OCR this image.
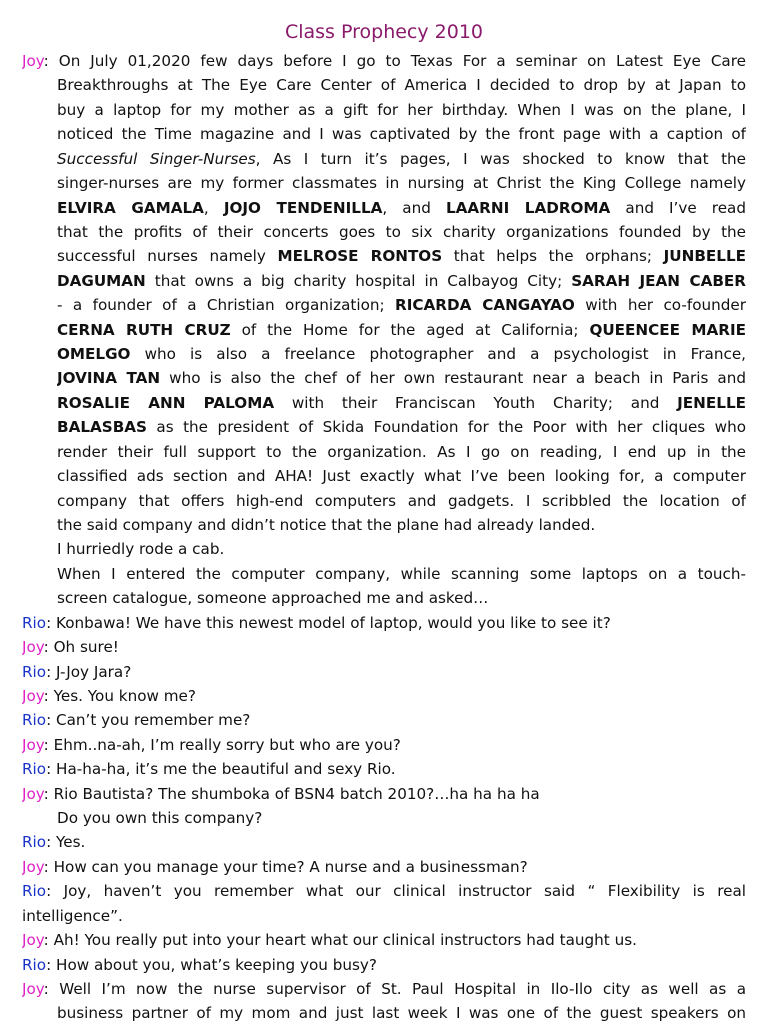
Class Prophecy 2010
Joy: On July 01,2020 few days before I go to Texas For a seminar on Latest Eye Care
Breakthroughs at The Eye Care Center of America I decided to drop by at Japan to
buy a laptop for my mother as a gift for her birthday. When I was on the plane, I
noticed the Time magazine and I was captivated by the front page with a caption of
Successful Singer-Nurses, As I turn it’s pages, I was shocked to know that the
singer-nurses are my former classmates in nursing at Christ the King College namely
ELVIRA GAMALA, JOJO TENDENILLA, and LAARNI LADROMA and I’ve read
that the profits of their concerts goes to six charity organizations founded by the
successful nurses namely MELROSE RONTOS that helps the orphans; JUNBELLE
DAGUMAN that owns a big charity hospital in Calbayog City; SARAH JEAN CABER
- a founder of a Christian organization; RICARDA CANGAYAO with her co-founder
CERNA RUTH CRUZ of the Home for the aged at California; QUEENCEE MARIE
OMELGO who is also a freelance photographer and a psychologist in France,
JOVINA TAN who is also the chef of her own restaurant near a beach in Paris and
ROSALIE ANN PALOMA with their Franciscan Youth Charity; and JENELLE
BALASBAS as the president of Skida Foundation for the Poor with her cliques who
render their full support to the organization. As I go on reading, I end up in the
classified ads section and AHA! Just exactly what I’ve been looking for, a computer
company that offers high-end computers and gadgets. I scribbled the location of
the said company and didn’t notice that the plane had already landed.
I hurriedly rode a cab.
When I entered the computer company, while scanning some laptops on a touch-
screen catalogue, someone approached me and asked…
Rio: Konbawa! We have this newest model of laptop, would you like to see it?
Joy: Oh sure!
Rio: J-Joy Jara?
Joy: Yes. You know me?
Rio: Can’t you remember me?
Joy: Ehm..na-ah, I’m really sorry but who are you?
Rio: Ha-ha-ha, it’s me the beautiful and sexy Rio.
Joy: Rio Bautista? The shumboka of BSN4 batch 2010?…ha ha ha ha
Do you own this company?
Rio: Yes.
Joy: How can you manage your time? A nurse and a businessman?
Rio: Joy, haven’t you remember what our clinical instructor said “ Flexibility is real
intelligence”.
Joy: Ah! You really put into your heart what our clinical instructors had taught us.
Rio: How about you, what’s keeping you busy?
Joy: Well I’m now the nurse supervisor of St. Paul Hospital in Ilo-Ilo city as well as a
business partner of my mom and just last week I was one of the guest speakers on
